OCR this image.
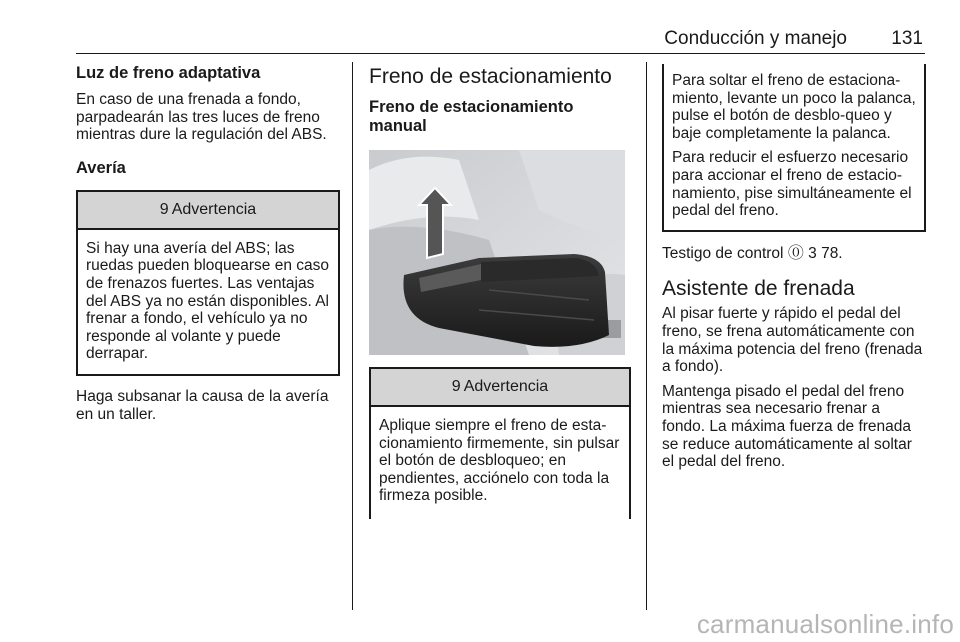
Conducción y manejo 131
Luz de freno adaptativa

En caso de una frenada a fondo, parpadearán las tres luces de freno mientras dure la regulación del ABS.

Avería
9 Advertencia

Si hay una avería del ABS; las ruedas pueden bloquearse en caso de frenazos fuertes. Las ventajas del ABS ya no están disponibles. Al frenar a fondo, el vehículo ya no responde al volante y puede derrapar.

Haga subsanar la causa de la avería en un taller.

Freno de estacionamiento
Freno de estacionamiento manual
9 Advertencia

Aplique siempre el freno de esta-cionamiento firmemente, sin pulsar el botón de desbloqueo; en pendientes, acciónelo con toda la firmeza posible.

Para soltar el freno de estaciona-miento, levante un poco la palanca, pulse el botón de desblo-queo y baje completamente la palanca.

Para reducir el esfuerzo necesario para accionar el freno de estacio-namiento, pise simultáneamente el pedal del freno.

Testigo de control ⓪ 3 78.

Asistente de frenada

Al pisar fuerte y rápido el pedal del freno, se frena automáticamente con la máxima potencia del freno (frenada a fondo).

Mantenga pisado el pedal del freno mientras sea necesario frenar a fondo. La máxima fuerza de frenada se reduce automáticamente al soltar el pedal del freno.

carmanualsonline.info
